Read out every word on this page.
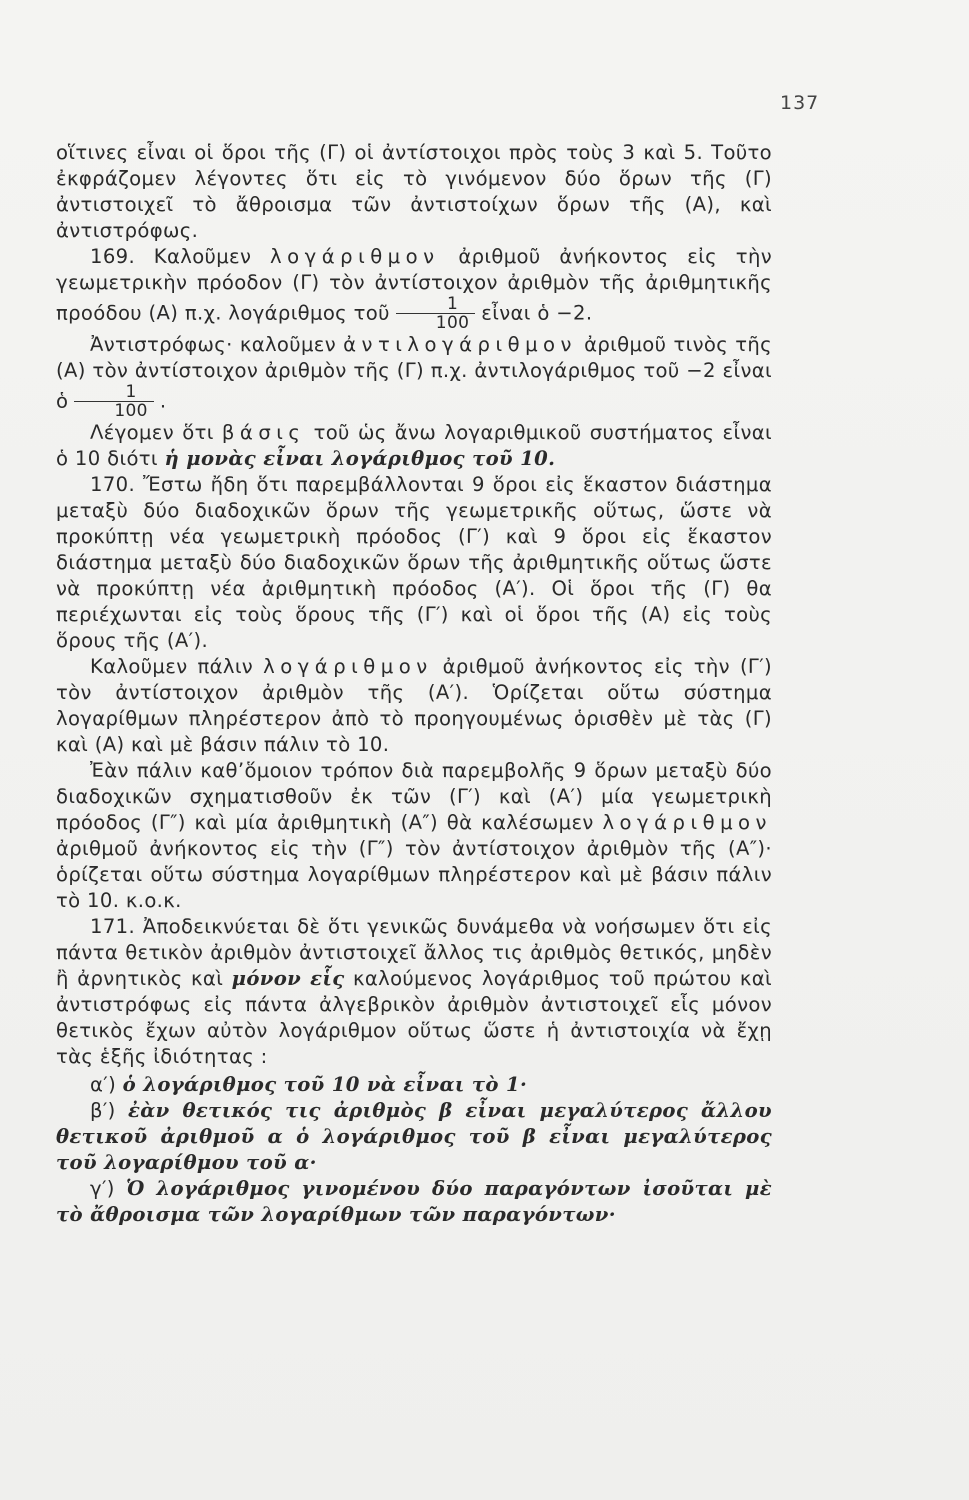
137

οἵτινες εἶναι οἱ ὅροι τῆς (Γ) οἱ ἀντίστοιχοι πρὸς τοὺς 3 καὶ 5. Τοῦτο ἐκφράζομεν λέγοντες ὅτι εἰς τὸ γινόμενον δύο ὅρων τῆς (Γ) ἀντιστοιχεῖ τὸ ἄθροισμα τῶν ἀντιστοίχων ὅρων τῆς (Α), καὶ ἀντιστρόφως.

169. Καλοῦμεν λογάριθμον ἀριθμοῦ ἀνήκοντος εἰς τὴν γεωμετρικὴν πρόοδον (Γ) τὸν ἀντίστοιχον ἀριθμὸν τῆς ἀριθμητικῆς προόδου (Α) π.χ. λογάριθμος τοῦ $\frac{1}{100}$ εἶναι ὁ −2.

Ἀντιστρόφως· καλοῦμεν ἀντιλογάριθμον ἀριθμοῦ τινὸς τῆς (Α) τὸν ἀντίστοιχον ἀριθμὸν τῆς (Γ) π.χ. ἀντιλογάριθμος τοῦ −2 εἶναι ὁ $\frac{1}{100}$ .

Λέγομεν ὅτι βάσις τοῦ ὡς ἄνω λογαριθμικοῦ συστήματος εἶναι ὁ 10 διότι ἡ μονὰς εἶναι λογάριθμος τοῦ 10.

170. Ἔστω ἤδη ὅτι παρεμβάλλονται 9 ὅροι εἰς ἕκαστον διάστημα μεταξὺ δύο διαδοχικῶν ὅρων τῆς γεωμετρικῆς οὕτως, ὥστε νὰ προκύπτῃ νέα γεωμετρικὴ πρόοδος (Γ′) καὶ 9 ὅροι εἰς ἕκαστον διάστημα μεταξὺ δύο διαδοχικῶν ὅρων τῆς ἀριθμητικῆς οὕτως ὥστε νὰ προκύπτῃ νέα ἀριθμητικὴ πρόοδος (Α′). Οἱ ὅροι τῆς (Γ) θα περιέχωνται εἰς τοὺς ὅρους τῆς (Γ′) καὶ οἱ ὅροι τῆς (Α) εἰς τοὺς ὅρους τῆς (Α′).

Καλοῦμεν πάλιν λογάριθμον ἀριθμοῦ ἀνήκοντος εἰς τὴν (Γ′) τὸν ἀντίστοιχον ἀριθμὸν τῆς (Α′). Ὁρίζεται οὕτω σύστημα λογαρίθμων πληρέστερον ἀπὸ τὸ προηγουμένως ὁρισθὲν μὲ τὰς (Γ) καὶ (Α) καὶ μὲ βάσιν πάλιν τὸ 10.

Ἐὰν πάλιν καθ’ὅμοιον τρόπον διὰ παρεμβολῆς 9 ὅρων μεταξὺ δύο διαδοχικῶν σχηματισθοῦν ἐκ τῶν (Γ′) καὶ (Α′) μία γεωμετρικὴ πρόοδος (Γ″) καὶ μία ἀριθμητικὴ (Α″) θὰ καλέσωμεν λογάριθμον ἀριθμοῦ ἀνήκοντος εἰς τὴν (Γ″) τὸν ἀντίστοιχον ἀριθμὸν τῆς (Α″)· ὁρίζεται οὕτω σύστημα λογαρίθμων πληρέστερον καὶ μὲ βάσιν πάλιν τὸ 10. κ.ο.κ.

171. Ἀποδεικνύεται δὲ ὅτι γενικῶς δυνάμεθα νὰ νοήσωμεν ὅτι εἰς πάντα θετικὸν ἀριθμὸν ἀντιστοιχεῖ ἄλλος τις ἀριθμὸς θετικός, μηδὲν ἢ ἀρνητικὸς καὶ μόνον εἷς καλούμενος λογάριθμος τοῦ πρώτου καὶ ἀντιστρόφως εἰς πάντα ἀλγεβρικὸν ἀριθμὸν ἀντιστοιχεῖ εἷς μόνον θετικὸς ἔχων αὐτὸν λογάριθμον οὕτως ὥστε ἡ ἀντιστοιχία νὰ ἔχῃ τὰς ἑξῆς ἰδιότητας :

α′) ὁ λογάριθμος τοῦ 10 νὰ εἶναι τὸ 1·

β′) ἐὰν θετικός τις ἀριθμὸς β εἶναι μεγαλύτερος ἄλλου θετικοῦ ἀριθμοῦ α ὁ λογάριθμος τοῦ β εἶναι μεγαλύτερος τοῦ λογαρίθμου τοῦ α·

γ′) Ὁ λογάριθμος γινομένου δύο παραγόντων ἰσοῦται μὲ τὸ ἄθροισμα τῶν λογαρίθμων τῶν παραγόντων·
